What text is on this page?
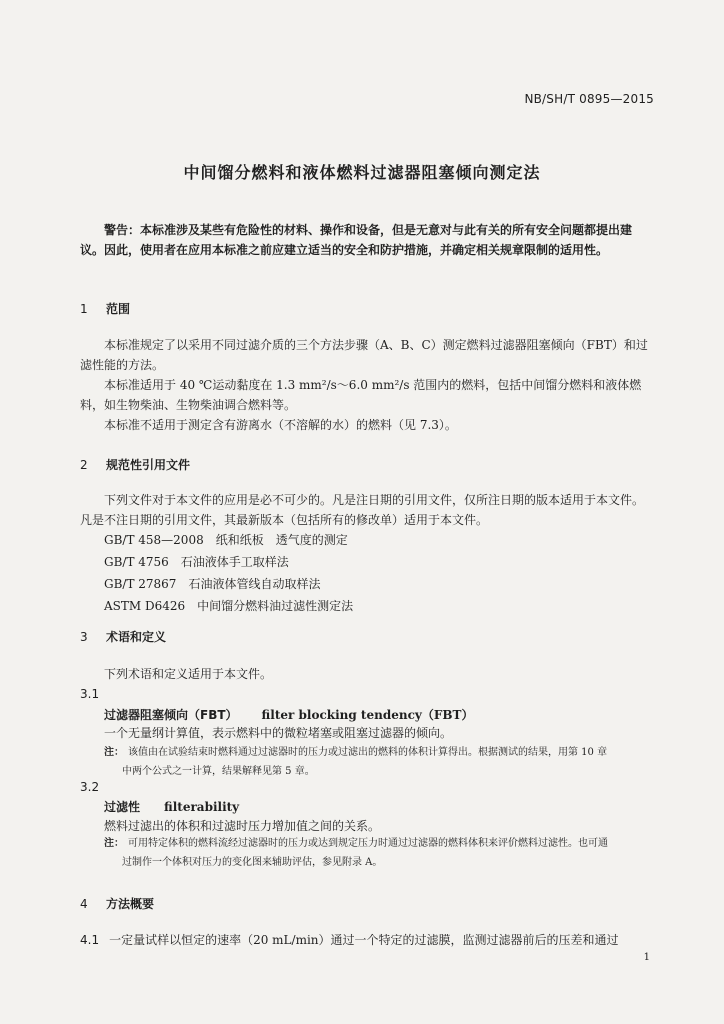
NB/SH/T 0895—2015
中间馏分燃料和液体燃料过滤器阻塞倾向测定法
警告：本标准涉及某些有危险性的材料、操作和设备，但是无意对与此有关的所有安全问题都提出建议。因此，使用者在应用本标准之前应建立适当的安全和防护措施，并确定相关规章限制的适用性。
1 范围
本标准规定了以采用不同过滤介质的三个方法步骤（A、B、C）测定燃料过滤器阻塞倾向（FBT）和过滤性能的方法。
本标准适用于 40 ℃运动黏度在 1.3 mm²/s～6.0 mm²/s 范围内的燃料，包括中间馏分燃料和液体燃料，如生物柴油、生物柴油调合燃料等。
本标准不适用于测定含有游离水（不溶解的水）的燃料（见 7.3）。
2 规范性引用文件
下列文件对于本文件的应用是必不可少的。凡是注日期的引用文件，仅所注日期的版本适用于本文件。凡是不注日期的引用文件，其最新版本（包括所有的修改单）适用于本文件。
GB/T 458—2008　纸和纸板　透气度的测定
GB/T 4756　石油液体手工取样法
GB/T 27867　石油液体管线自动取样法
ASTM D6426　中间馏分燃料油过滤性测定法
3 术语和定义
下列术语和定义适用于本文件。
3.1
过滤器阻塞倾向（FBT） filter blocking tendency（FBT）
一个无量纲计算值，表示燃料中的微粒堵塞或阻塞过滤器的倾向。
注： 该值由在试验结束时燃料通过过滤器时的压力或过滤出的燃料的体积计算得出。根据测试的结果，用第 10 章
中两个公式之一计算，结果解释见第 5 章。
3.2
过滤性 filterability
燃料过滤出的体积和过滤时压力增加值之间的关系。
注： 可用特定体积的燃料流经过滤器时的压力或达到规定压力时通过过滤器的燃料体积来评价燃料过滤性。也可通
过制作一个体积对压力的变化图来辅助评估，参见附录 A。
4 方法概要
4.1 一定量试样以恒定的速率（20 mL/min）通过一个特定的过滤膜，监测过滤器前后的压差和通过
1
